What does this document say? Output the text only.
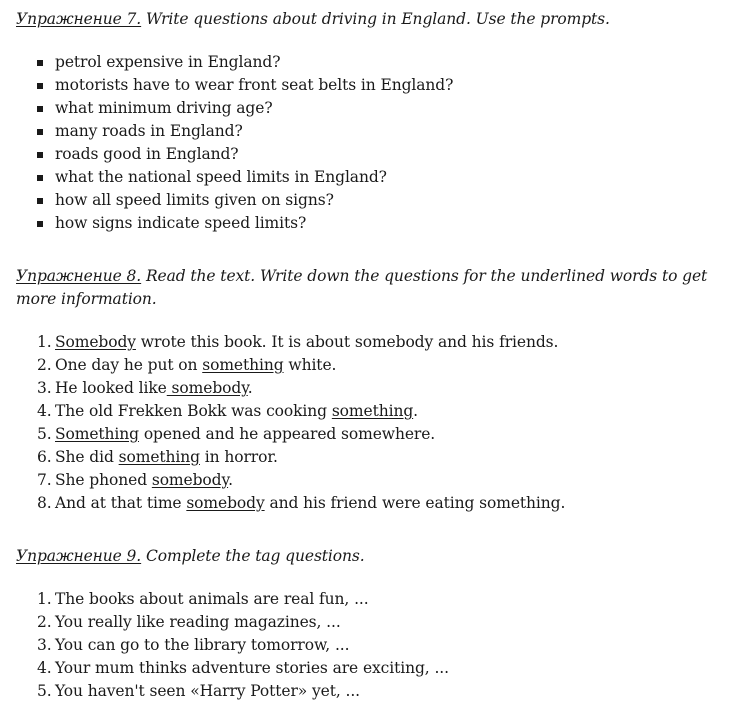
Упражнение 7. Write questions about driving in England. Use the prompts.

petrol expensive in England?
motorists have to wear front seat belts in England?
what minimum driving age?
many roads in England?
roads good in England?
what the national speed limits in England?
how all speed limits given on signs?
how signs indicate speed limits?

Упражнение 8. Read the text. Write down the questions for the underlined words to get more information.

1. Somebody wrote this book. It is about somebody and his friends.
2. One day he put on something white.
3. He looked like somebody.
4. The old Frekken Bokk was cooking something.
5. Something opened and he appeared somewhere.
6. She did something in horror.
7. She phoned somebody.
8. And at that time somebody and his friend were eating something.

Упражнение 9. Complete the tag questions.

1. The books about animals are real fun, ...
2. You really like reading magazines, ...
3. You can go to the library tomorrow, ...
4. Your mum thinks adventure stories are exciting, ...
5. You haven't seen «Harry Potter» yet, ...
